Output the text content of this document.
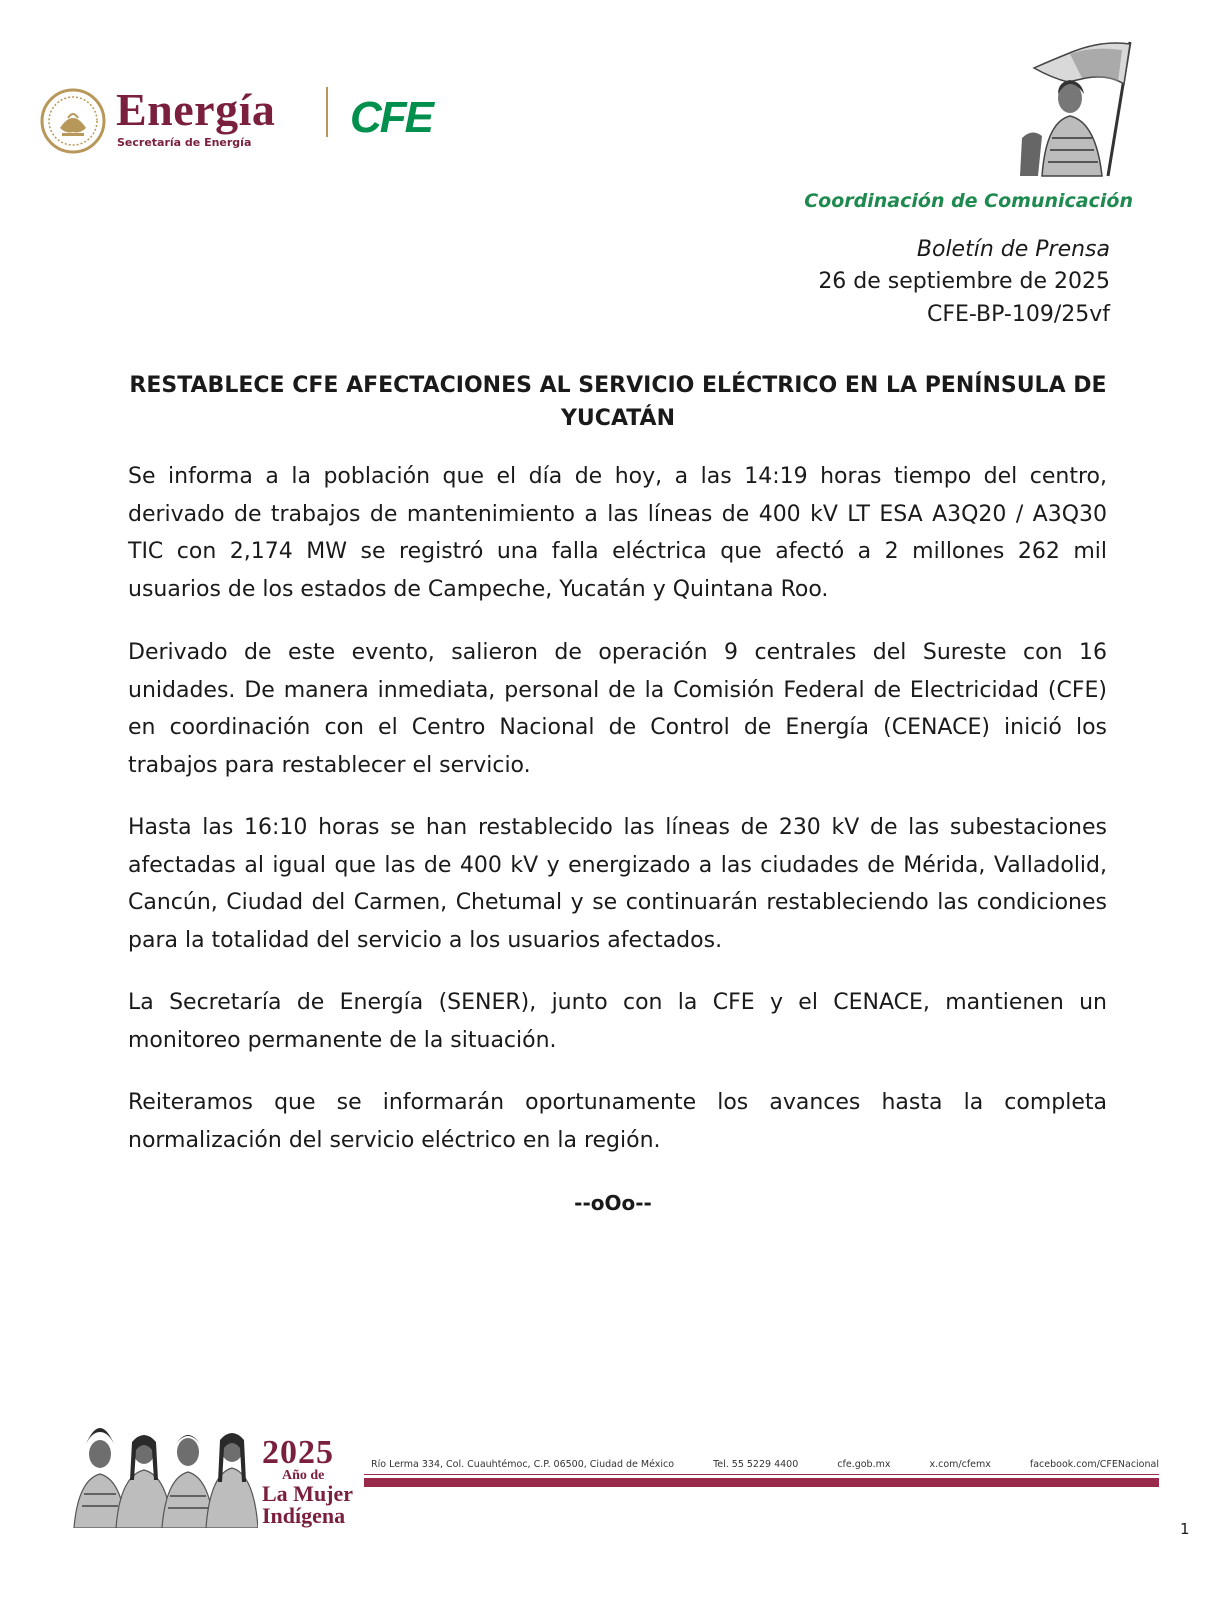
Energía
Secretaría de Energía
CFE
Coordinación de Comunicación
Boletín de Prensa
26 de septiembre de 2025
CFE-BP-109/25vf
RESTABLECE CFE AFECTACIONES AL SERVICIO ELÉCTRICO EN LA PENÍNSULA DE YUCATÁN
Se informa a la población que el día de hoy, a las 14:19 horas tiempo del centro, derivado de trabajos de mantenimiento a las líneas de 400 kV LT ESA A3Q20 / A3Q30 TIC con 2,174 MW se registró una falla eléctrica que afectó a 2 millones 262 mil usuarios de los estados de Campeche, Yucatán y Quintana Roo.
Derivado de este evento, salieron de operación 9 centrales del Sureste con 16 unidades. De manera inmediata, personal de la Comisión Federal de Electricidad (CFE) en coordinación con el Centro Nacional de Control de Energía (CENACE) inició los trabajos para restablecer el servicio.
Hasta las 16:10 horas se han restablecido las líneas de 230 kV de las subestaciones afectadas al igual que las de 400 kV y energizado a las ciudades de Mérida, Valladolid, Cancún, Ciudad del Carmen, Chetumal y se continuarán restableciendo las condiciones para la totalidad del servicio a los usuarios afectados.
La Secretaría de Energía (SENER), junto con la CFE y el CENACE, mantienen un monitoreo permanente de la situación.
Reiteramos que se informarán oportunamente los avances hasta la completa normalización del servicio eléctrico en la región.
--oOo--
2025
Año de
La Mujer
Indígena
Río Lerma 334, Col. Cuauhtémoc, C.P. 06500, Ciudad de México	Tel. 55 5229 4400	cfe.gob.mx	x.com/cfemx	facebook.com/CFENacional
1
